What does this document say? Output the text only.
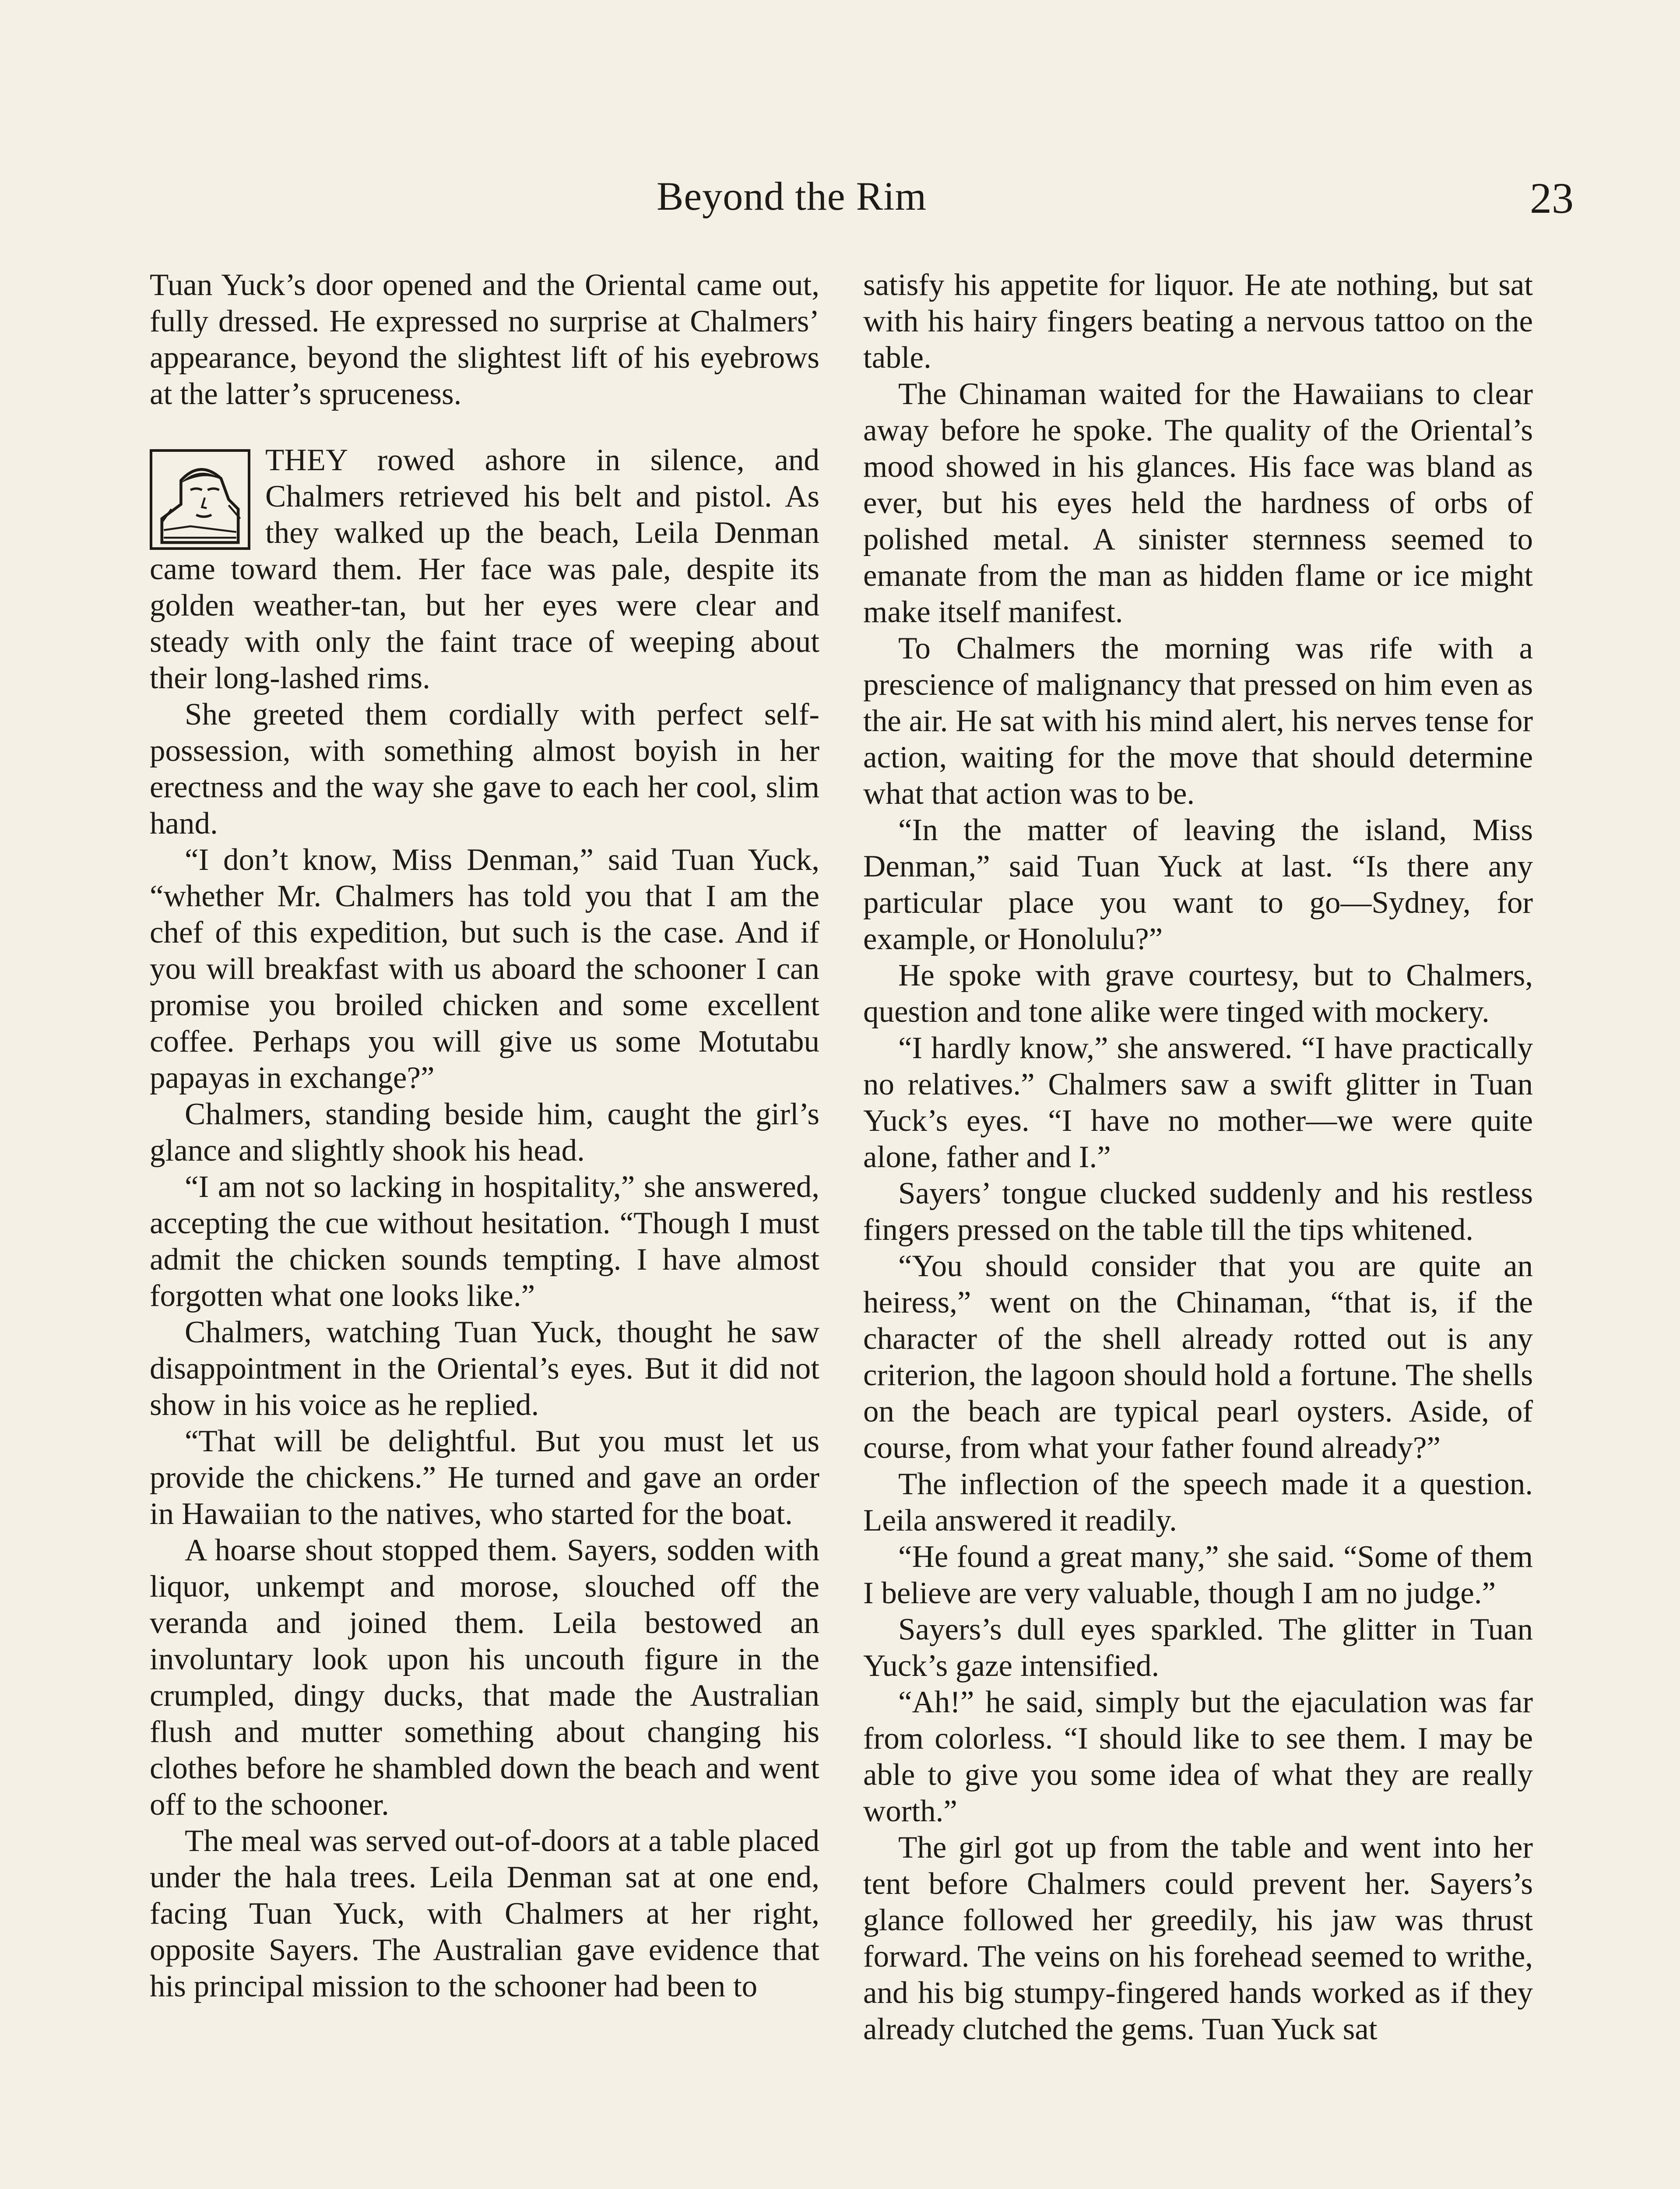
Beyond the Rim	23

Tuan Yuck’s door opened and the Oriental came out, fully dressed. He expressed no surprise at Chalmers’ appearance, beyond the slightest lift of his eyebrows at the latter’s spruceness.

THEY rowed ashore in silence, and Chalmers retrieved his belt and pistol. As they walked up the beach, Leila Denman came toward them. Her face was pale, despite its golden weather-tan, but her eyes were clear and steady with only the faint trace of weeping about their long-lashed rims.

She greeted them cordially with perfect self-possession, with something almost boyish in her erectness and the way she gave to each her cool, slim hand.

“I don’t know, Miss Denman,” said Tuan Yuck, “whether Mr. Chalmers has told you that I am the chef of this expedition, but such is the case. And if you will breakfast with us aboard the schooner I can promise you broiled chicken and some excellent coffee. Perhaps you will give us some Motutabu papayas in exchange?”

Chalmers, standing beside him, caught the girl’s glance and slightly shook his head.

“I am not so lacking in hospitality,” she answered, accepting the cue without hesitation. “Though I must admit the chicken sounds tempting. I have almost forgotten what one looks like.”

Chalmers, watching Tuan Yuck, thought he saw disappointment in the Oriental’s eyes. But it did not show in his voice as he replied.

“That will be delightful. But you must let us provide the chickens.” He turned and gave an order in Hawaiian to the natives, who started for the boat.

A hoarse shout stopped them. Sayers, sodden with liquor, unkempt and morose, slouched off the veranda and joined them. Leila bestowed an involuntary look upon his uncouth figure in the crumpled, dingy ducks, that made the Australian flush and mutter something about changing his clothes before he shambled down the beach and went off to the schooner.

The meal was served out-of-doors at a table placed under the hala trees. Leila Denman sat at one end, facing Tuan Yuck, with Chalmers at her right, opposite Sayers. The Australian gave evidence that his principal mission to the schooner had been to

satisfy his appetite for liquor. He ate nothing, but sat with his hairy fingers beating a nervous tattoo on the table.

The Chinaman waited for the Hawaiians to clear away before he spoke. The quality of the Oriental’s mood showed in his glances. His face was bland as ever, but his eyes held the hardness of orbs of polished metal. A sinister sternness seemed to emanate from the man as hidden flame or ice might make itself manifest.

To Chalmers the morning was rife with a prescience of malignancy that pressed on him even as the air. He sat with his mind alert, his nerves tense for action, waiting for the move that should determine what that action was to be.

“In the matter of leaving the island, Miss Denman,” said Tuan Yuck at last. “Is there any particular place you want to go—Sydney, for example, or Honolulu?”

He spoke with grave courtesy, but to Chalmers, question and tone alike were tinged with mockery.

“I hardly know,” she answered. “I have practically no relatives.” Chalmers saw a swift glitter in Tuan Yuck’s eyes. “I have no mother—we were quite alone, father and I.”

Sayers’ tongue clucked suddenly and his restless fingers pressed on the table till the tips whitened.

“You should consider that you are quite an heiress,” went on the Chinaman, “that is, if the character of the shell already rotted out is any criterion, the lagoon should hold a fortune. The shells on the beach are typical pearl oysters. Aside, of course, from what your father found already?”

The inflection of the speech made it a question. Leila answered it readily.

“He found a great many,” she said. “Some of them I believe are very valuable, though I am no judge.”

Sayers’s dull eyes sparkled. The glitter in Tuan Yuck’s gaze intensified.

“Ah!” he said, simply but the ejaculation was far from colorless. “I should like to see them. I may be able to give you some idea of what they are really worth.”

The girl got up from the table and went into her tent before Chalmers could prevent her. Sayers’s glance followed her greedily, his jaw was thrust forward. The veins on his forehead seemed to writhe, and his big stumpy-fingered hands worked as if they already clutched the gems. Tuan Yuck sat
